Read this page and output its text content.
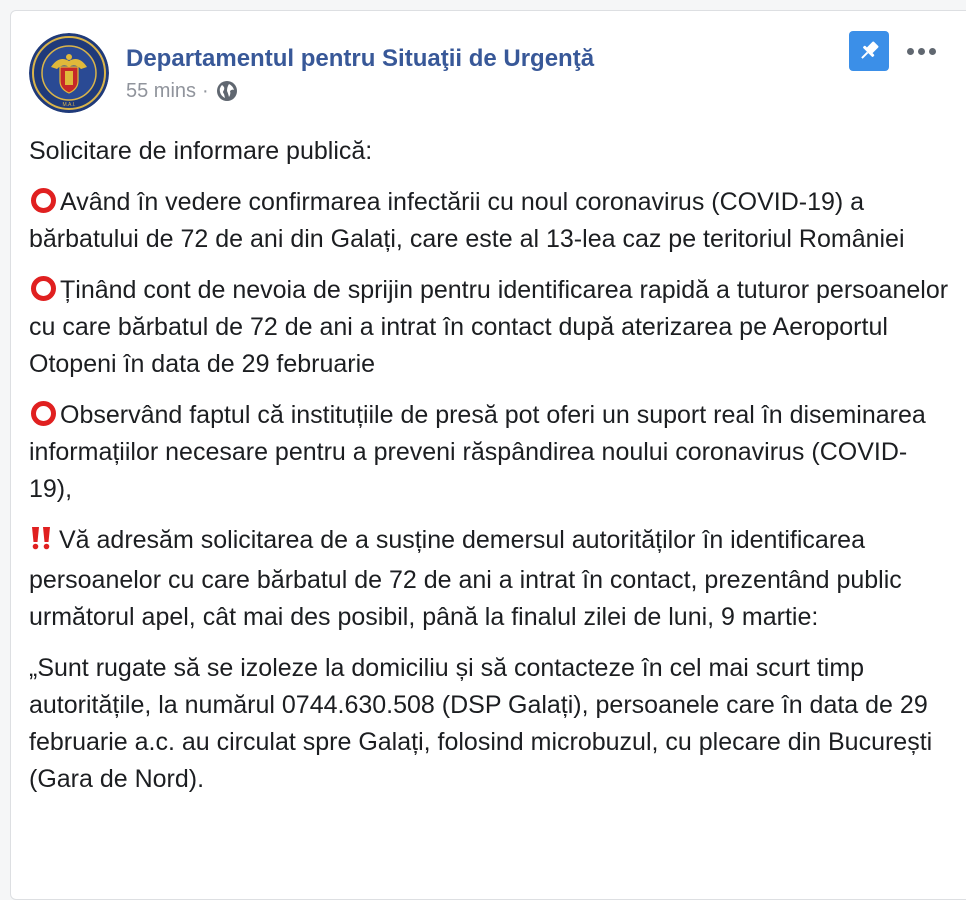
M.A.I.
Departamentul pentru Situaţii de Urgenţă
55 mins ·

Solicitare de informare publică:

Având în vedere confirmarea infectării cu noul coronavirus (COVID-19) a bărbatului de 72 de ani din Galați, care este al 13-lea caz pe teritoriul României

Ținând cont de nevoia de sprijin pentru identificarea rapidă a tuturor persoanelor cu care bărbatul de 72 de ani a intrat în contact după aterizarea pe Aeroportul Otopeni în data de 29 februarie

Observând faptul că instituțiile de presă pot oferi un suport real în diseminarea informațiilor necesare pentru a preveni răspândirea noului coronavirus (COVID-19),

Vă adresăm solicitarea de a susține demersul autorităților în identificarea persoanelor cu care bărbatul de 72 de ani a intrat în contact, prezentând public următorul apel, cât mai des posibil, până la finalul zilei de luni, 9 martie:

„Sunt rugate să se izoleze la domiciliu și să contacteze în cel mai scurt timp autoritățile, la numărul 0744.630.508 (DSP Galați), persoanele care în data de 29 februarie a.c. au circulat spre Galați, folosind microbuzul, cu plecare din București (Gara de Nord).
